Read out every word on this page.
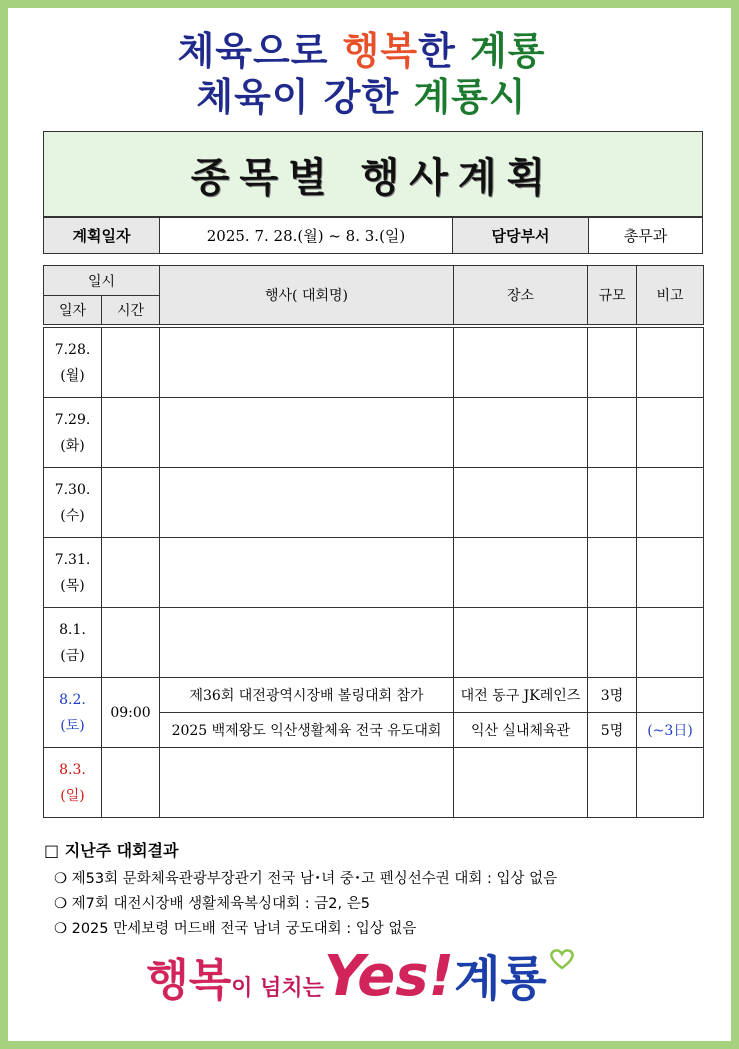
체육으로 행복한 계룡
체육이 강한 계룡시
종목별 행사계획
계획일자	2025. 7. 28.(월) ~ 8. 3.(일)	담당부서	총무과
일시		행사( 대회명)	장소	규모	비고
일자	시간				

7.28.
(월)					
7.29.
(화)					
7.30.
(수)					
7.31.
(목)					
8.1.
(금)					
8.2.
(토)	09:00	제36회 대전광역시장배 볼링대회 참가	대전 동구 JK레인즈	3명	
		2025 백제왕도 익산생활체육 전국 유도대회	익산 실내체육관	5명	(~3日)
8.3.
(일)					
□ 지난주 대회결과
❍ 제53회 문화체육관광부장관기 전국 남･녀 중･고 펜싱선수권 대회 : 입상 없음
❍ 제7회 대전시장배 생활체육복싱대회 : 금2, 은5
❍ 2025 만세보령 머드배 전국 남녀 궁도대회 : 입상 없음
행복이 넘치는Yes!계룡
